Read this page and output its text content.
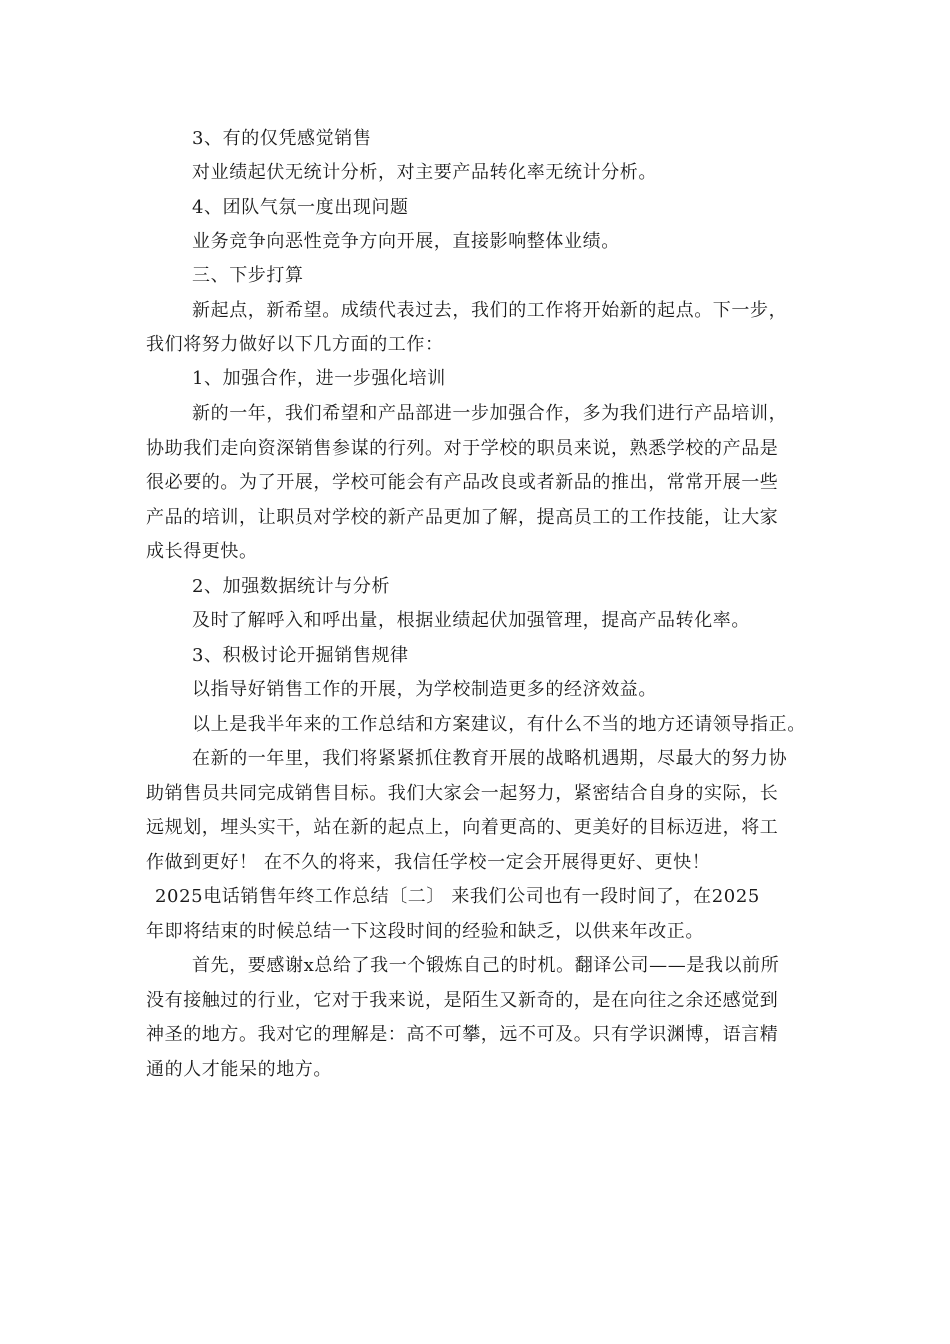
3、有的仅凭感觉销售
对业绩起伏无统计分析，对主要产品转化率无统计分析。
4、团队气氛一度出现问题
业务竞争向恶性竞争方向开展，直接影响整体业绩。
三、下步打算
新起点，新希望。成绩代表过去，我们的工作将开始新的起点。下一步，
我们将努力做好以下几方面的工作：
1、加强合作，进一步强化培训
新的一年，我们希望和产品部进一步加强合作，多为我们进行产品培训，
协助我们走向资深销售参谋的行列。对于学校的职员来说，熟悉学校的产品是
很必要的。为了开展，学校可能会有产品改良或者新品的推出，常常开展一些
产品的培训，让职员对学校的新产品更加了解，提高员工的工作技能，让大家
成长得更快。
2、加强数据统计与分析
及时了解呼入和呼出量，根据业绩起伏加强管理，提高产品转化率。
3、积极讨论开掘销售规律
以指导好销售工作的开展，为学校制造更多的经济效益。
以上是我半年来的工作总结和方案建议，有什么不当的地方还请领导指正。
在新的一年里，我们将紧紧抓住教育开展的战略机遇期，尽最大的努力协
助销售员共同完成销售目标。我们大家会一起努力，紧密结合自身的实际，长
远规划，埋头实干，站在新的起点上，向着更高的、更美好的目标迈进，将工
作做到更好！ 在不久的将来，我信任学校一定会开展得更好、更快！
2025电话销售年终工作总结〔二〕 来我们公司也有一段时间了，在2025
年即将结束的时候总结一下这段时间的经验和缺乏，以供来年改正。
首先，要感谢x总给了我一个锻炼自己的时机。翻译公司——是我以前所
没有接触过的行业，它对于我来说，是陌生又新奇的，是在向往之余还感觉到
神圣的地方。我对它的理解是：高不可攀，远不可及。只有学识渊博，语言精
通的人才能呆的地方。
